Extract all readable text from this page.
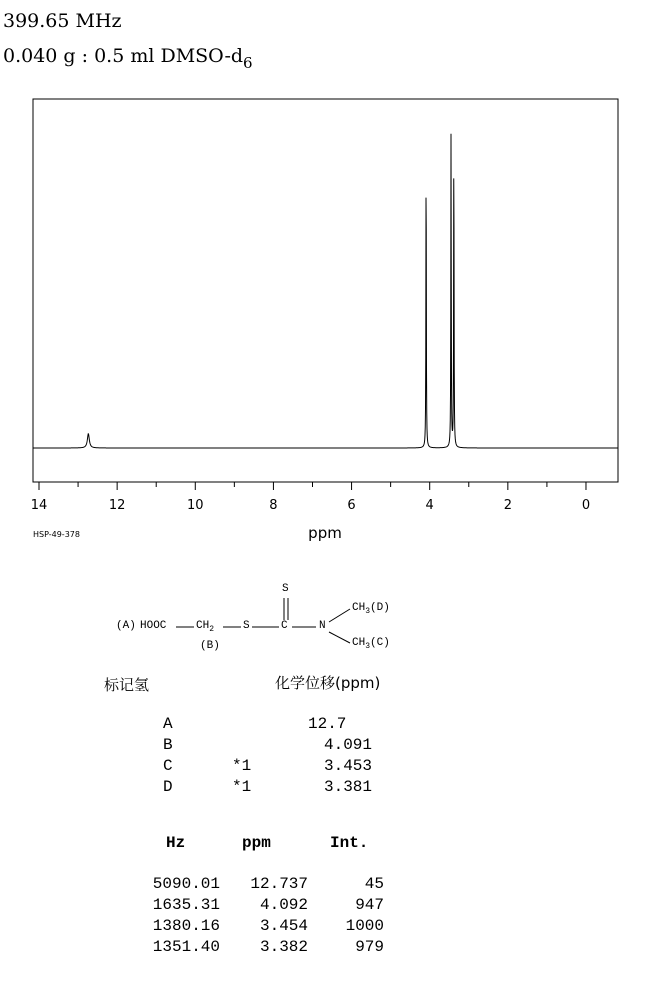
399.65 MHz
0.040 g : 0.5 ml DMSO-$d_6$
14	12	10	8	6	4	2	0
ppm
HSP-49-378
(A) HOOC	$CH_2$
(B)
S	C
S
N
$CH_3(D)$
$CH_3(C)$
标记氢	化学位移(ppm)
A	12.7
B	4.091
C	*1	3.453
D	*1	3.381
Hz	ppm	Int.
5090.01 12.737	45
1635.31 4.092	947
1380.16 3.454 1000
1351.40 3.382	979
